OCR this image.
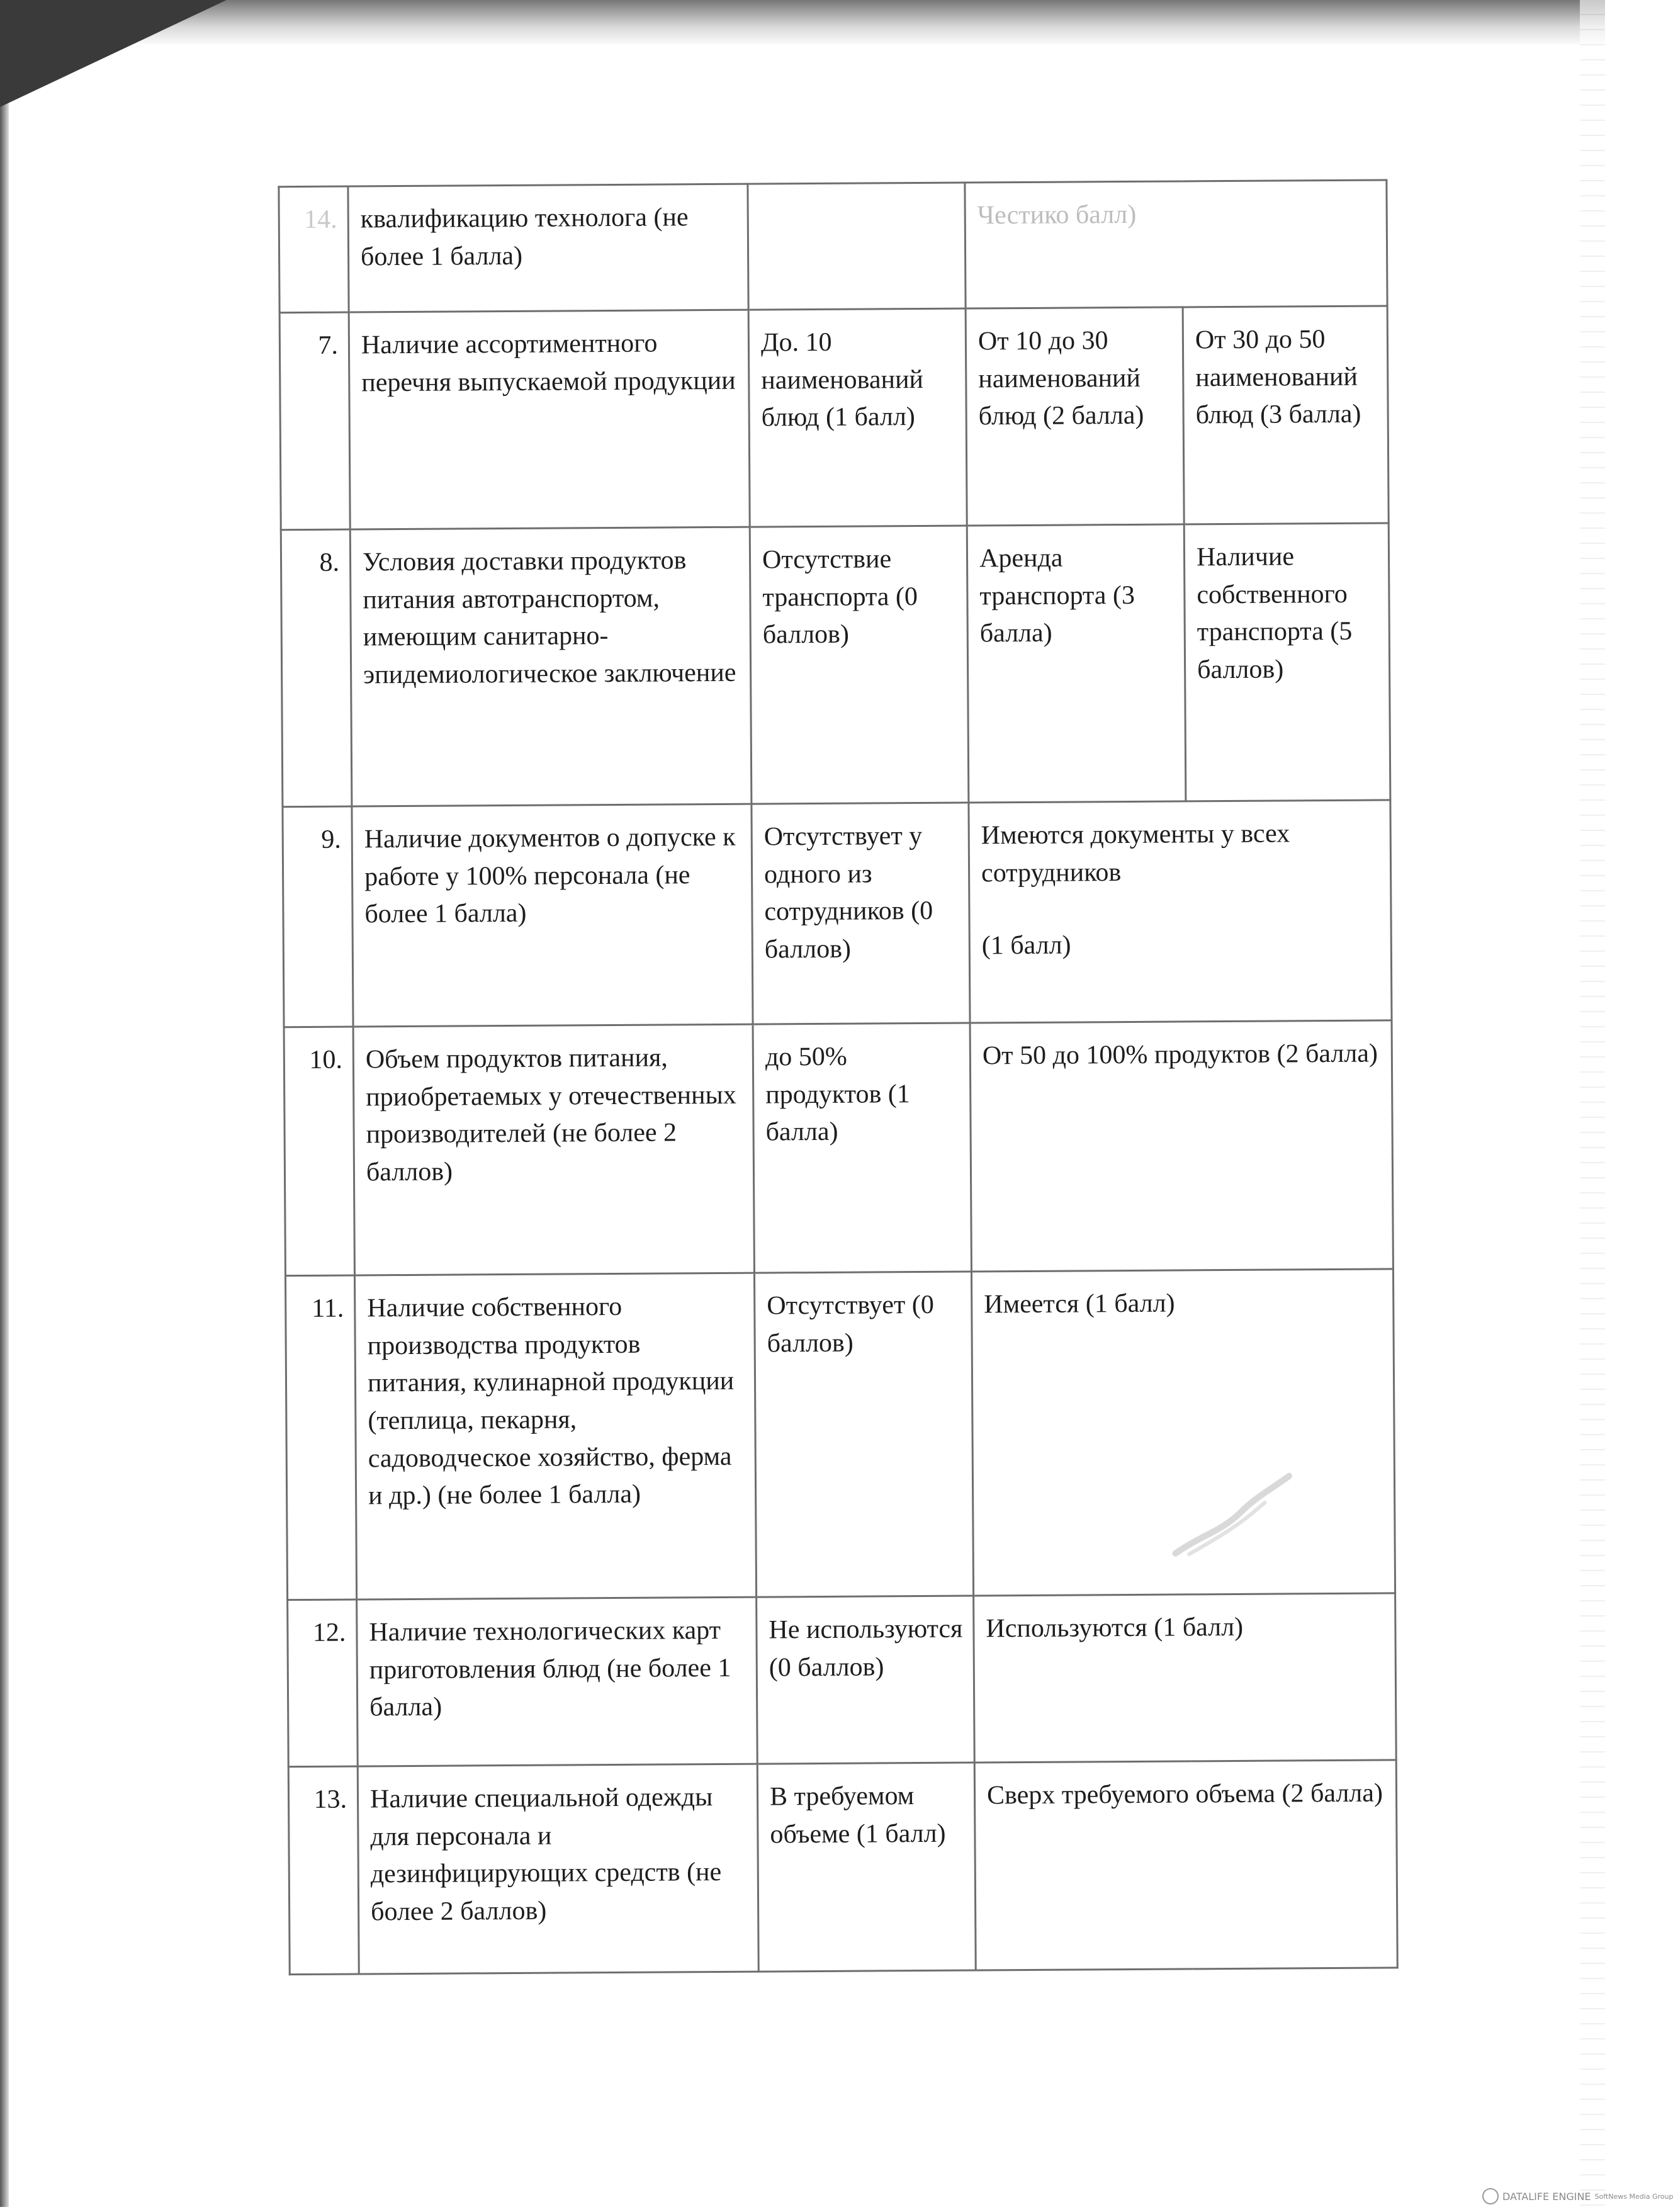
14.	квалификацию технолога (не более 1 балла)		Честико балл)	
7.	Наличие ассортиментного перечня выпускаемой продукции	До. 10 наименований блюд (1 балл)	От 10 до 30 наименований блюд (2 балла)	От 30 до 50 наименований блюд (3 балла)
8.	Условия доставки продуктов питания автотранспортом, имеющим санитарно-эпидемиологическое заключение	Отсутствие транспорта (0 баллов)	Аренда транспорта (3 балла)	Наличие собственного транспорта (5 баллов)
9.	Наличие документов о допуске к работе у 100% персонала (не более 1 балла)	Отсутствует у одного из сотрудников (0 баллов)	Имеются документы у всех сотрудников
(1 балл)	
10.	Объем продуктов питания, приобретаемых у отечественных производителей (не более 2 баллов)	до 50% продуктов (1 балла)	От 50 до 100% продуктов (2 балла)	
11.	Наличие собственного производства продуктов питания, кулинарной продукции (теплица, пекарня, садоводческое хозяйство, ферма и др.) (не более 1 балла)	Отсутствует (0 баллов)	Имеется (1 балл)	
12.	Наличие технологических карт приготовления блюд (не более 1 балла)	Не используются (0 баллов)	Используются (1 балл)	
13.	Наличие специальной одежды для персонала и дезинфицирующих средств (не более 2 баллов)	В требуемом объеме (1 балл)	Сверх требуемого объема (2 балла)	
DATALIFE ENGINE SoftNews Media Group
